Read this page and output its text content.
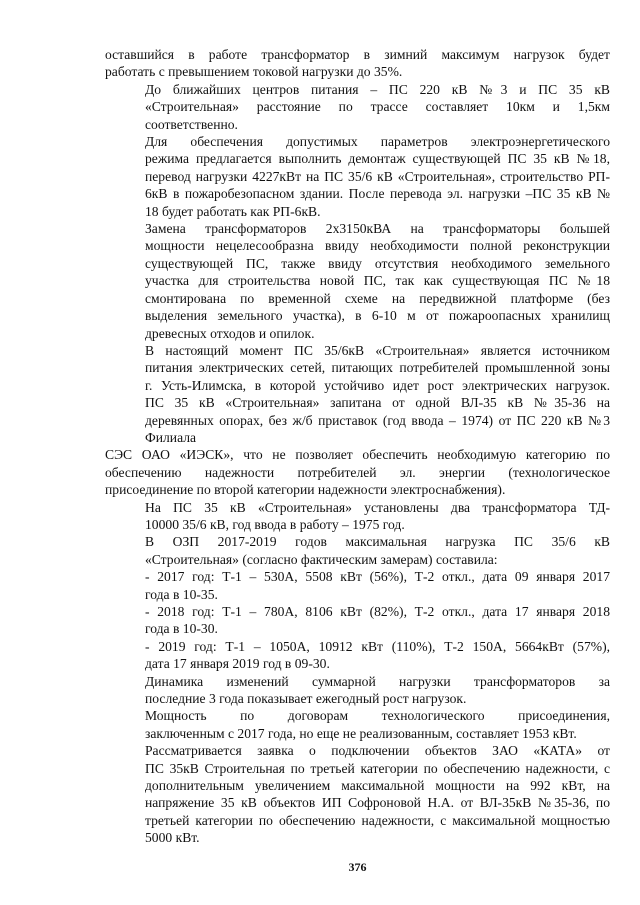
оставшийся в работе трансформатор в зимний максимум нагрузок будет
работать с превышением токовой нагрузки до 35%.

До ближайших центров питания – ПС 220 кВ №3 и ПС 35 кВ
«Строительная» расстояние по трассе составляет 10км и 1,5км
соответственно.

Для обеспечения допустимых параметров электроэнергетического
режима предлагается выполнить демонтаж существующей ПС 35 кВ №18,
перевод нагрузки 4227кВт на ПС 35/6 кВ «Строительная», строительство РП-
6кВ в пожаробезопасном здании. После перевода эл. нагрузки –ПС 35 кВ №
18 будет работать как РП-6кВ.

Замена трансформаторов 2х3150кВА на трансформаторы большей
мощности нецелесообразна ввиду необходимости полной реконструкции
существующей ПС, также ввиду отсутствия необходимого земельного
участка для строительства новой ПС, так как существующая ПС №18
смонтирована по временной схеме на передвижной платформе (без
выделения земельного участка), в 6-10 м от пожароопасных хранилищ
древесных отходов и опилок.

В настоящий момент ПС 35/6кВ «Строительная» является источником
питания электрических сетей, питающих потребителей промышленной зоны
г. Усть-Илимска, в которой устойчиво идет рост электрических нагрузок.
ПС 35 кВ «Строительная» запитана от одной ВЛ-35 кВ №35-36 на
деревянных опорах, без ж/б приставок (год ввода – 1974) от ПС 220 кВ №3
Филиала

СЭС ОАО «ИЭСК», что не позволяет обеспечить необходимую категорию по
обеспечению надежности потребителей эл. энергии (технологическое
присоединение по второй категории надежности электроснабжения).

На ПС 35 кВ «Строительная» установлены два трансформатора ТД-
10000 35/6 кВ, год ввода в работу – 1975 год.

В ОЗП 2017-2019 годов максимальная нагрузка ПС 35/6 кВ
«Строительная» (согласно фактическим замерам) составила:

- 2017 год: Т-1 – 530А, 5508 кВт (56%), Т-2 откл., дата 09 января 2017
года в 10-35.

- 2018 год: Т-1 – 780А, 8106 кВт (82%), Т-2 откл., дата 17 января 2018
года в 10-30.

- 2019 год: Т-1 – 1050А, 10912 кВт (110%), Т-2 150А, 5664кВт (57%),
дата 17 января 2019 год в 09-30.

Динамика изменений суммарной нагрузки трансформаторов за
последние 3 года показывает ежегодный рост нагрузок.

Мощность по договорам технологического присоединения,
заключенным с 2017 года, но еще не реализованным, составляет 1953 кВт.

Рассматривается заявка о подключении объектов ЗАО «КАТА» от
ПС 35кВ Строительная по третьей категории по обеспечению надежности, с
дополнительным увеличением максимальной мощности на 992 кВт, на
напряжение 35 кВ объектов ИП Софроновой Н.А. от ВЛ-35кВ №35-36, по
третьей категории по обеспечению надежности, с максимальной мощностью
5000 кВт.

376
